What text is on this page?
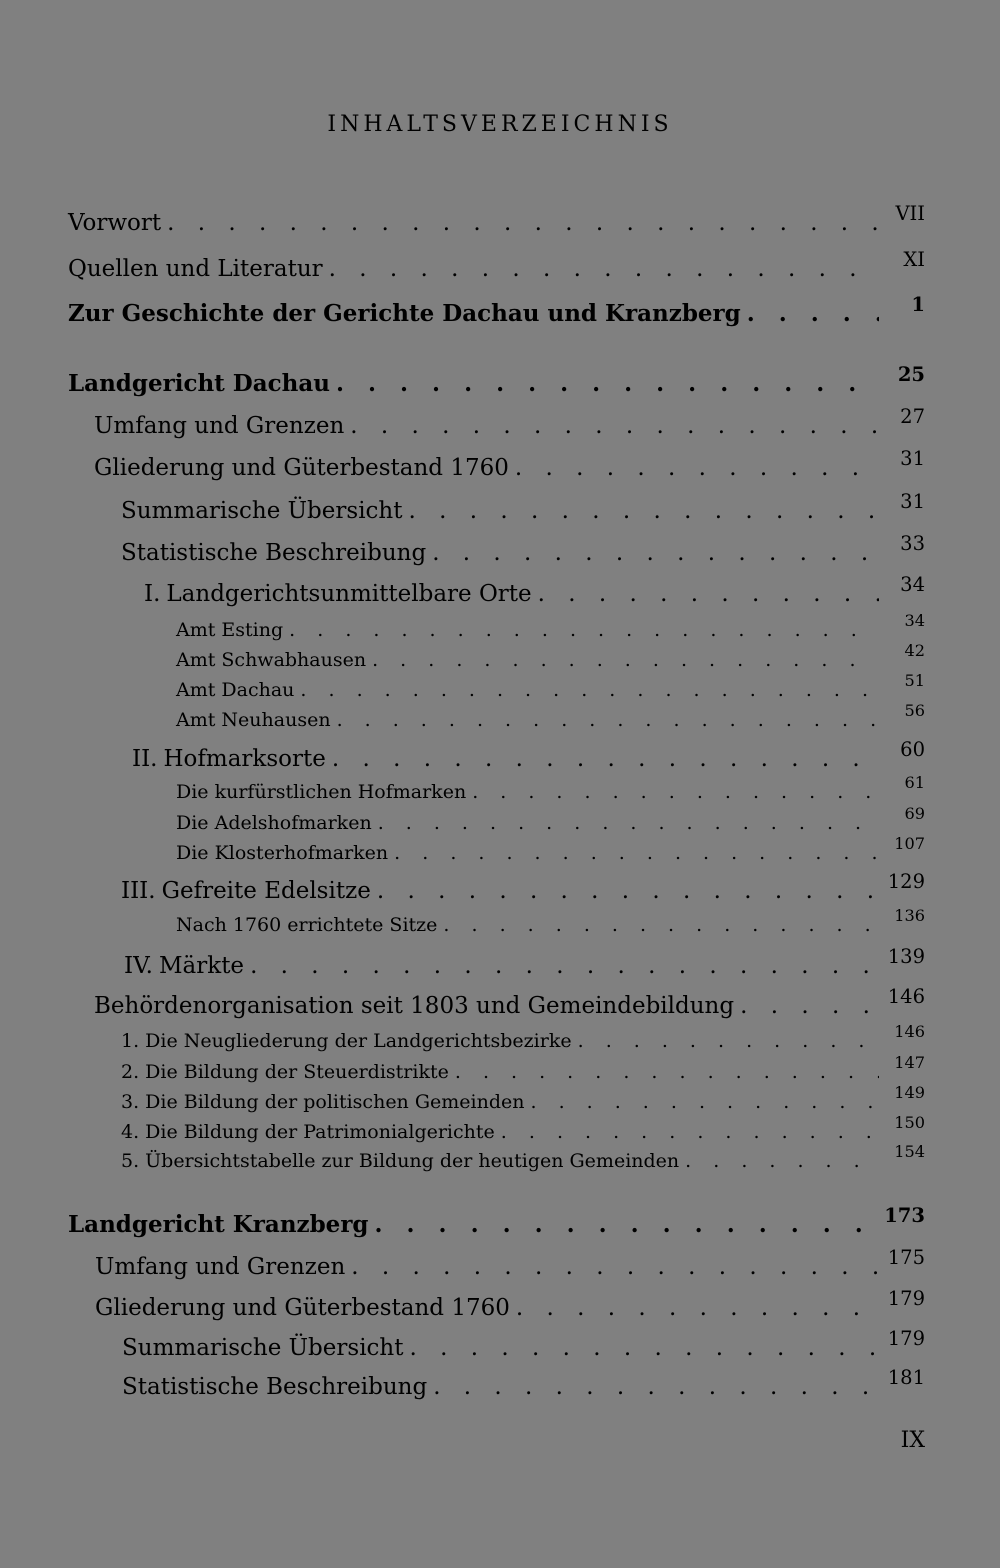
INHALTSVERZEICHNIS
Vorwort . . .	VII
Quellen und Literatur . . .	XI
Zur Geschichte der Gerichte Dachau und Kranzberg . . .	1
Landgericht Dachau . . .	25
Umfang und Grenzen . . .	27
Gliederung und Güterbestand 1760 . . .	31
Summarische Übersicht . . .	31
Statistische Beschreibung . . .	33
I. Landgerichtsunmittelbare Orte . . .	34
Amt Esting . . .	34
Amt Schwabhausen . . .	42
Amt Dachau . . .	51
Amt Neuhausen . . .	56
II. Hofmarksorte . . .	60
Die kurfürstlichen Hofmarken . . .	61
Die Adelshofmarken . . .	69
Die Klosterhofmarken . . .	107
III. Gefreite Edelsitze . . .	129
Nach 1760 errichtete Sitze . . .	136
IV. Märkte . . .	139
Behördenorganisation seit 1803 und Gemeindebildung . . .	146
1. Die Neugliederung der Landgerichtsbezirke . . .	146
2. Die Bildung der Steuerdistrikte . . .	147
3. Die Bildung der politischen Gemeinden . . .	149
4. Die Bildung der Patrimonialgerichte . . .	150
5. Übersichtstabelle zur Bildung der heutigen Gemeinden . . .	154
Landgericht Kranzberg . . .	173
Umfang und Grenzen . . .	175
Gliederung und Güterbestand 1760 . . .	179
Summarische Übersicht . . .	179
Statistische Beschreibung . . .	181
IX
